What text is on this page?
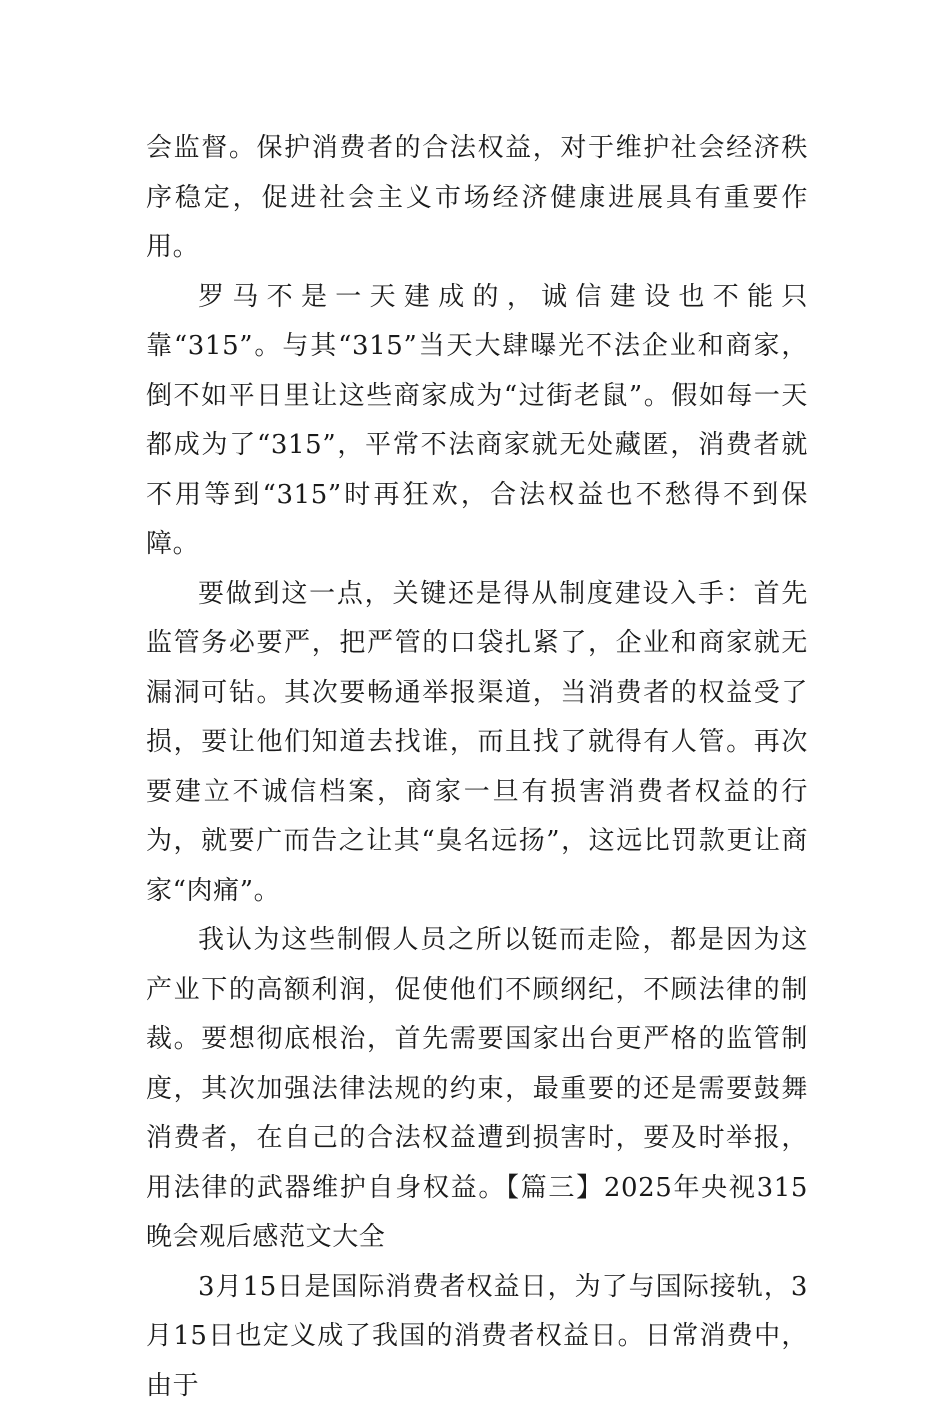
会监督。保护消费者的合法权益，对于维护社会经济秩序稳定，促进社会主义市场经济健康进展具有重要作用。

罗马不是一天建成的，诚信建设也不能只靠“315”。与其“315”当天大肆曝光不法企业和商家，倒不如平日里让这些商家成为“过街老鼠”。假如每一天都成为了“315”，平常不法商家就无处藏匿，消费者就不用等到“315”时再狂欢，合法权益也不愁得不到保障。

要做到这一点，关键还是得从制度建设入手：首先监管务必要严，把严管的口袋扎紧了，企业和商家就无漏洞可钻。其次要畅通举报渠道，当消费者的权益受了损，要让他们知道去找谁，而且找了就得有人管。再次要建立不诚信档案，商家一旦有损害消费者权益的行为，就要广而告之让其“臭名远扬”，这远比罚款更让商家“肉痛”。

我认为这些制假人员之所以铤而走险，都是因为这产业下的高额利润，促使他们不顾纲纪，不顾法律的制裁。要想彻底根治，首先需要国家出台更严格的监管制度，其次加强法律法规的约束，最重要的还是需要鼓舞消费者，在自己的合法权益遭到损害时，要及时举报，用法律的武器维护自身权益。【篇三】2025年央视315晚会观后感范文大全

3月15日是国际消费者权益日，为了与国际接轨，3月15日也定义成了我国的消费者权益日。日常消费中，由于
